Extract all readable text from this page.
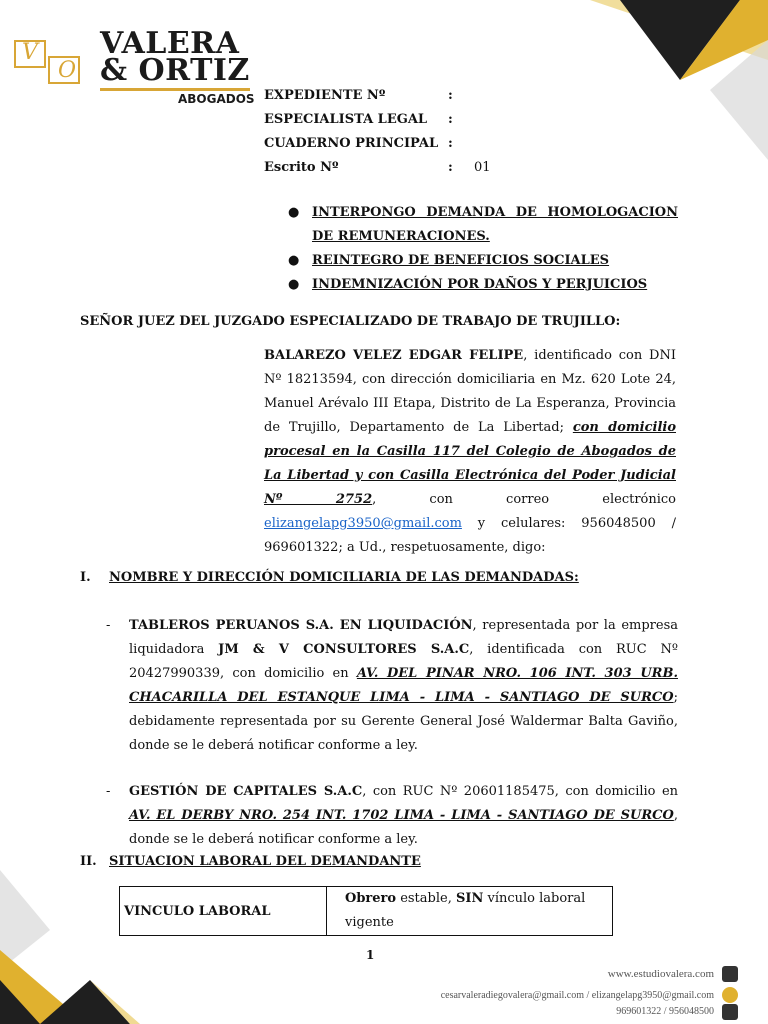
V
O
VALERA
& ORTIZ
ABOGADOS EXPEDIENTE Nº	:
ESPECIALISTA LEGAL	:
CUADERNO PRINCIPAL :
Escrito Nº	:	01
● INTERPONGO DEMANDA DE HOMOLOGACION DE REMUNERACIONES.
● REINTEGRO DE BENEFICIOS SOCIALES
● INDEMNIZACIÓN POR DAÑOS Y PERJUICIOS
SEÑOR JUEZ DEL JUZGADO ESPECIALIZADO DE TRABAJO DE TRUJILLO:

BALAREZO VELEZ EDGAR FELIPE, identificado con DNI Nº 18213594, con dirección domiciliaria en Mz. 620 Lote 24, Manuel Arévalo III Etapa, Distrito de La Esperanza, Provincia de Trujillo, Departamento de La Libertad; con domicilio procesal en la Casilla 117 del Colegio de Abogados de La Libertad y con Casilla Electrónica del Poder Judicial Nº 2752, con correo electrónico elizangelapg3950@gmail.com y celulares: 956048500 / 969601322; a Ud., respetuosamente, digo:

I.	NOMBRE Y DIRECCIÓN DOMICILIARIA DE LAS DEMANDADAS:
-	TABLEROS PERUANOS S.A. EN LIQUIDACIÓN, representada por la empresa liquidadora JM & V CONSULTORES S.A.C, identificada con RUC Nº 20427990339, con domicilio en AV. DEL PINAR NRO. 106 INT. 303 URB. CHACARILLA DEL ESTANQUE LIMA - LIMA - SANTIAGO DE SURCO; debidamente representada por su Gerente General José Waldermar Balta Gaviño, donde se le deberá notificar conforme a ley.
-	GESTIÓN DE CAPITALES S.A.C, con RUC Nº 20601185475, con domicilio en AV. EL DERBY NRO. 254 INT. 1702 LIMA - LIMA - SANTIAGO DE SURCO, donde se le deberá notificar conforme a ley.
II. SITUACION LABORAL DEL DEMANDANTE
VINCULO LABORAL	Obrero estable, SIN vínculo laboral vigente
1
www.estudiovalera.com
cesarvaleradiegovalera@gmail.com / elizangelapg3950@gmail.com
969601322 / 956048500
